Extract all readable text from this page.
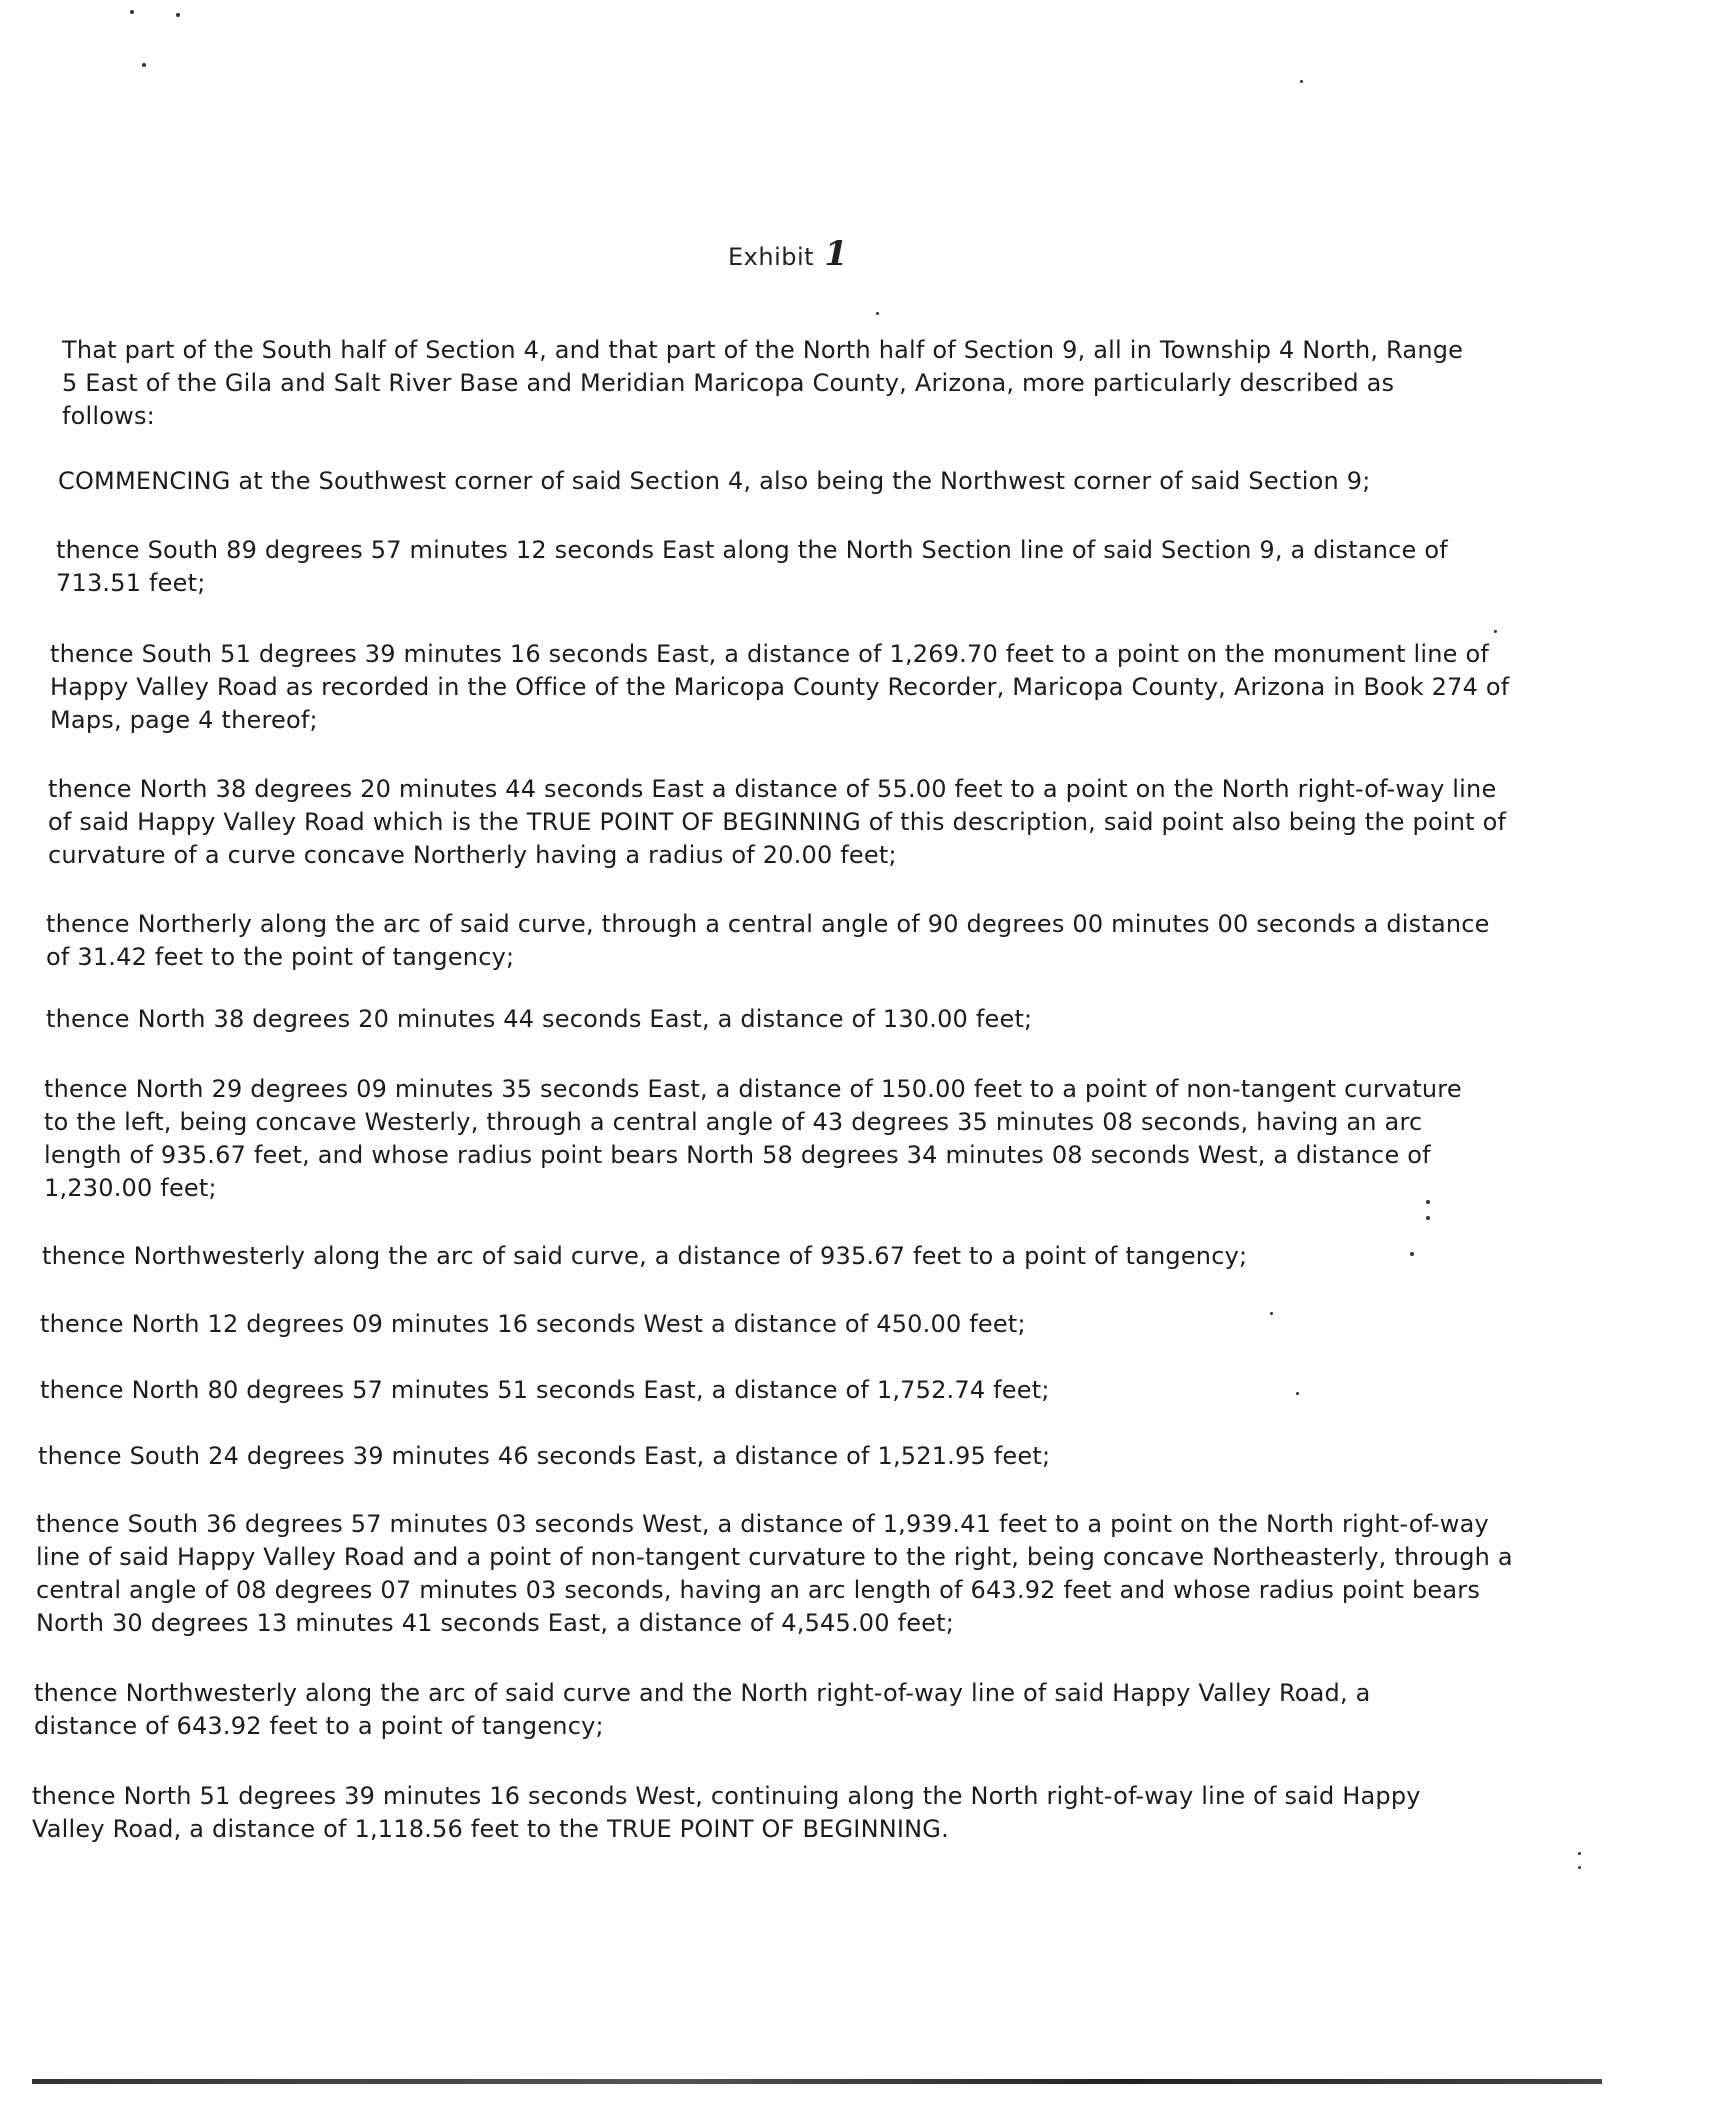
Exhibit 1

That part of the South half of Section 4, and that part of the North half of Section 9, all in Township 4 North, Range 5 East of the Gila and Salt River Base and Meridian Maricopa County, Arizona, more particularly described as follows:

COMMENCING at the Southwest corner of said Section 4, also being the Northwest corner of said Section 9;

thence South 89 degrees 57 minutes 12 seconds East along the North Section line of said Section 9, a distance of 713.51 feet;

thence South 51 degrees 39 minutes 16 seconds East, a distance of 1,269.70 feet to a point on the monument line of Happy Valley Road as recorded in the Office of the Maricopa County Recorder, Maricopa County, Arizona in Book 274 of Maps, page 4 thereof;

thence North 38 degrees 20 minutes 44 seconds East a distance of 55.00 feet to a point on the North right-of-way line of said Happy Valley Road which is the TRUE POINT OF BEGINNING of this description, said point also being the point of curvature of a curve concave Northerly having a radius of 20.00 feet;

thence Northerly along the arc of said curve, through a central angle of 90 degrees 00 minutes 00 seconds a distance of 31.42 feet to the point of tangency;

thence North 38 degrees 20 minutes 44 seconds East, a distance of 130.00 feet;

thence North 29 degrees 09 minutes 35 seconds East, a distance of 150.00 feet to a point of non-tangent curvature to the left, being concave Westerly, through a central angle of 43 degrees 35 minutes 08 seconds, having an arc length of 935.67 feet, and whose radius point bears North 58 degrees 34 minutes 08 seconds West, a distance of 1,230.00 feet;

thence Northwesterly along the arc of said curve, a distance of 935.67 feet to a point of tangency;

thence North 12 degrees 09 minutes 16 seconds West a distance of 450.00 feet;

thence North 80 degrees 57 minutes 51 seconds East, a distance of 1,752.74 feet;

thence South 24 degrees 39 minutes 46 seconds East, a distance of 1,521.95 feet;

thence South 36 degrees 57 minutes 03 seconds West, a distance of 1,939.41 feet to a point on the North right-of-way line of said Happy Valley Road and a point of non-tangent curvature to the right, being concave Northeasterly, through a central angle of 08 degrees 07 minutes 03 seconds, having an arc length of 643.92 feet and whose radius point bears North 30 degrees 13 minutes 41 seconds East, a distance of 4,545.00 feet;

thence Northwesterly along the arc of said curve and the North right-of-way line of said Happy Valley Road, a distance of 643.92 feet to a point of tangency;

thence North 51 degrees 39 minutes 16 seconds West, continuing along the North right-of-way line of said Happy Valley Road, a distance of 1,118.56 feet to the TRUE POINT OF BEGINNING.
